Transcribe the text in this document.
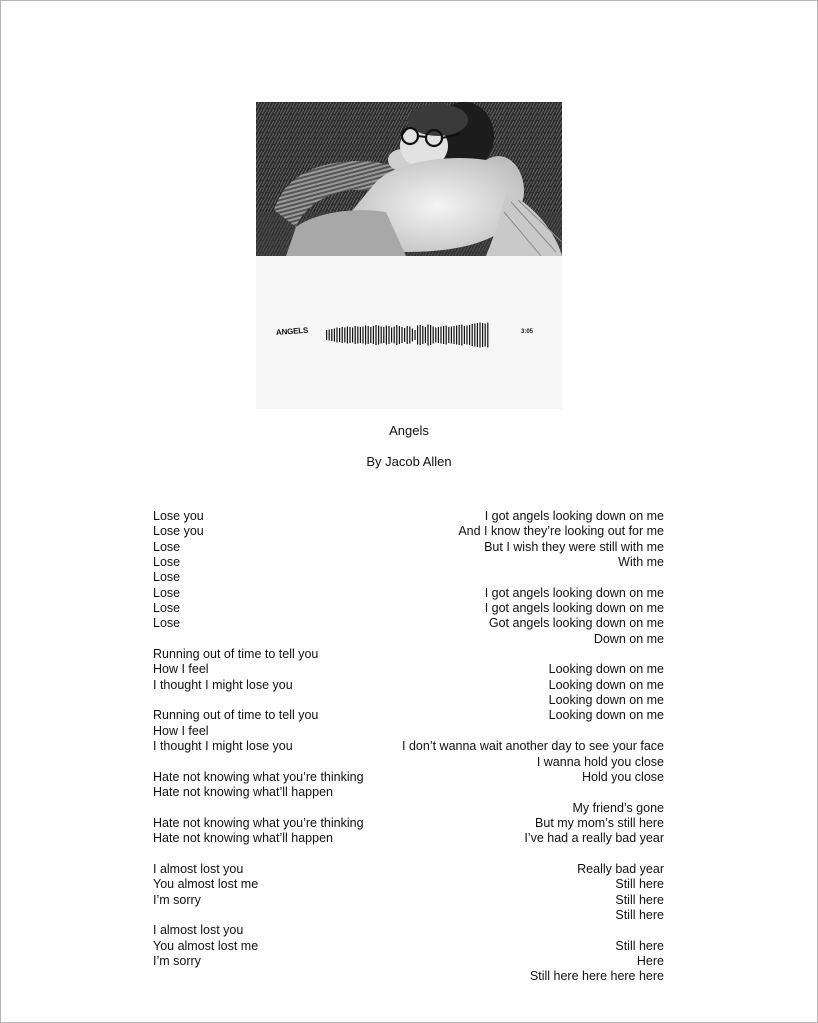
ANGELS	3:05
Angels
By Jacob Allen
Lose you
Lose you
Lose
Lose
Lose
Lose
Lose
Lose
Running out of time to tell you
How I feel
I thought I might lose you
Running out of time to tell you
How I feel
I thought I might lose you
Hate not knowing what you’re thinking
Hate not knowing what’ll happen
Hate not knowing what you’re thinking
Hate not knowing what’ll happen
I almost lost you
You almost lost me
I’m sorry
I almost lost you
You almost lost me
I’m sorry
I got angels looking down on me
And I know they’re looking out for me
But I wish they were still with me
With me
I got angels looking down on me
I got angels looking down on me
Got angels looking down on me
Down on me
Looking down on me
Looking down on me
Looking down on me
Looking down on me
I don’t wanna wait another day to see your face
I wanna hold you close
Hold you close
My friend’s gone
But my mom’s still here
I’ve had a really bad year
Really bad year
Still here
Still here
Still here
Still here
Here
Still here here here here
